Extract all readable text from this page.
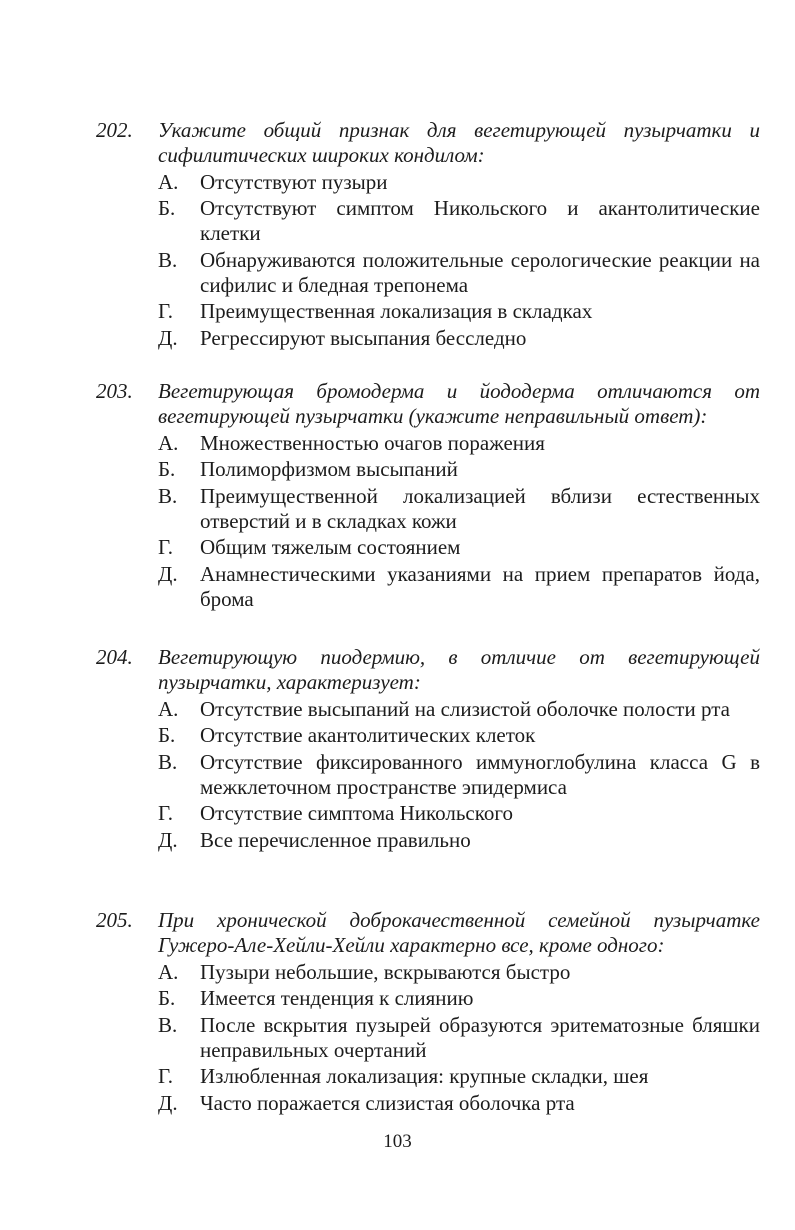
202.	Укажите общий признак для вегетирующей пузырчатки и сифилитических широких кондилом:
А.	Отсутствуют пузыри
Б.	Отсутствуют симптом Никольского и акантолитические клетки
В.	Обнаруживаются положительные серологические реакции на сифилис и бледная трепонема
Г.	Преимущественная локализация в складках
Д.	Регрессируют высыпания бесследно
203.	Вегетирующая бромодерма и йододерма отличаются от вегетирующей пузырчатки (укажите неправильный ответ):
А.	Множественностью очагов поражения
Б.	Полиморфизмом высыпаний
В.	Преимущественной локализацией вблизи естественных отверстий и в складках кожи
Г.	Общим тяжелым состоянием
Д.	Анамнестическими указаниями на прием препаратов йода, брома
204.	Вегетирующую пиодермию, в отличие от вегетирующей пузырчатки, характеризует:
А.	Отсутствие высыпаний на слизистой оболочке полости рта
Б.	Отсутствие акантолитических клеток
В.	Отсутствие фиксированного иммуноглобулина класса G в межклеточном пространстве эпидермиса
Г.	Отсутствие симптома Никольского
Д.	Все перечисленное правильно
205.	При хронической доброкачественной семейной пузырчатке Гужеро-Але-Хейли-Хейли характерно все, кроме одного:
А.	Пузыри небольшие, вскрываются быстро
Б.	Имеется тенденция к слиянию
В.	После вскрытия пузырей образуются эритематозные бляшки неправильных очертаний
Г.	Излюбленная локализация: крупные складки, шея
Д.	Часто поражается слизистая оболочка рта
103
